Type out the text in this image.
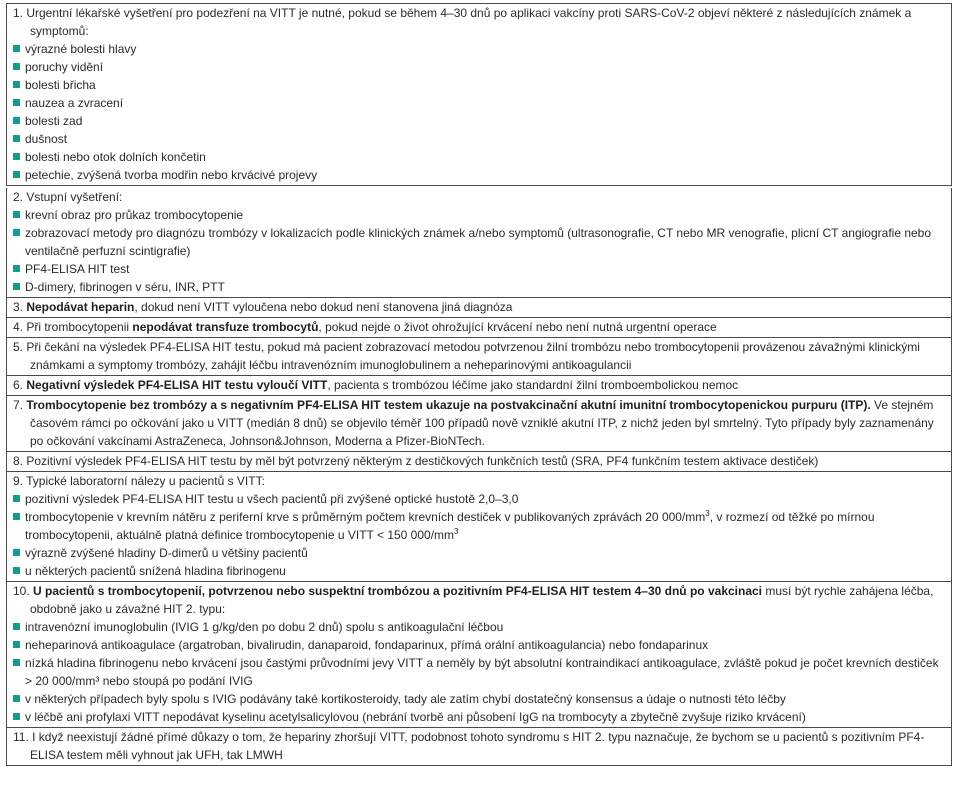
1. Urgentní lékařské vyšetření pro podezření na VITT je nutné, pokud se během 4–30 dnů po aplikaci vakcíny proti SARS-CoV-2 objeví některé z následujících známek a symptomů:
výrazné bolesti hlavy
poruchy vidění
bolesti břicha
nauzea a zvracení
bolesti zad
dušnost
bolesti nebo otok dolních končetin
petechie, zvýšená tvorba modřin nebo krvácivé projevy
2. Vstupní vyšetření:
krevní obraz pro průkaz trombocytopenie
zobrazovací metody pro diagnózu trombózy v lokalizacích podle klinických známek a/nebo symptomů (ultrasonografie, CT nebo MR venografie, plicní CT angiografie nebo ventilačně perfuzní scintigrafie)
PF4-ELISA HIT test
D-dimery, fibrinogen v séru, INR, PTT
3. Nepodávat heparin, dokud není VITT vyloučena nebo dokud není stanovena jiná diagnóza
4. Při trombocytopenii nepodávat transfuze trombocytů, pokud nejde o život ohrožující krvácení nebo není nutná urgentní operace
5. Při čekání na výsledek PF4-ELISA HIT testu, pokud má pacient zobrazovací metodou potvrzenou žilní trombózu nebo trombocytopenii provázenou závažnými klinickými známkami a symptomy trombózy, zahájit léčbu intravenózním imunoglobulinem a neheparinovými antikoagulancii
6. Negativní výsledek PF4-ELISA HIT testu vyloučí VITT, pacienta s trombózou léčíme jako standardní žilní tromboembolickou nemoc
7. Trombocytopenie bez trombózy a s negativním PF4-ELISA HIT testem ukazuje na postvakcinační akutní imunitní trombocytopenickou purpuru (ITP). Ve stejném časovém rámci po očkování jako u VITT (medián 8 dnů) se objevilo téměř 100 případů nově vzniklé akutní ITP, z nichž jeden byl smrtelný. Tyto případy byly zaznamenány po očkování vakcínami AstraZeneca, Johnson&Johnson, Moderna a Pfizer-BioNTech.
8. Pozitivní výsledek PF4-ELISA HIT testu by měl být potvrzený některým z destičkových funkčních testů (SRA, PF4 funkčním testem aktivace destiček)
9. Typické laboratorní nálezy u pacientů s VITT:
pozitivní výsledek PF4-ELISA HIT testu u všech pacientů při zvýšené optické hustotě 2,0–3,0
trombocytopenie v krevním nátěru z periferní krve s průměrným počtem krevních destiček v publikovaných zprávách 20 $000/mm^3$, v rozmezí od těžké po mírnou trombocytopenii, aktuálně platná definice trombocytopenie u VITT < 150 $000/mm^3$
výrazně zvýšené hladiny D-dimerů u většiny pacientů
u některých pacientů snížená hladina fibrinogenu
10. U pacientů s trombocytopenií, potvrzenou nebo suspektní trombózou a pozitivním PF4-ELISA HIT testem 4–30 dnů po vakcinaci musí být rychle zahájena léčba, obdobně jako u závažné HIT 2. typu:
intravenózní imunoglobulin (IVIG 1 g/kg/den po dobu 2 dnů) spolu s antikoagulační léčbou
neheparinová antikoagulace (argatroban, bivalirudin, danaparoid, fondaparinux, přímá orální antikoagulancia) nebo fondaparinux
nízká hladina fibrinogenu nebo krvácení jsou častými průvodními jevy VITT a neměly by být absolutní kontraindikací antikoagulace, zvláště pokud je počet krevních destiček > 20 000/mm³ nebo stoupá po podání IVIG
v některých případech byly spolu s IVIG podávány také kortikosteroidy, tady ale zatím chybí dostatečný konsensus a údaje o nutnosti této léčby
v léčbě ani profylaxi VITT nepodávat kyselinu acetylsalicylovou (nebrání tvorbě ani působení IgG na trombocyty a zbytečně zvyšuje riziko krvácení)
11. I když neexistují žádné přímé důkazy o tom, že hepariny zhoršují VITT, podobnost tohoto syndromu s HIT 2. typu naznačuje, že bychom se u pacientů s pozitivním PF4- ELISA testem měli vyhnout jak UFH, tak LMWH
